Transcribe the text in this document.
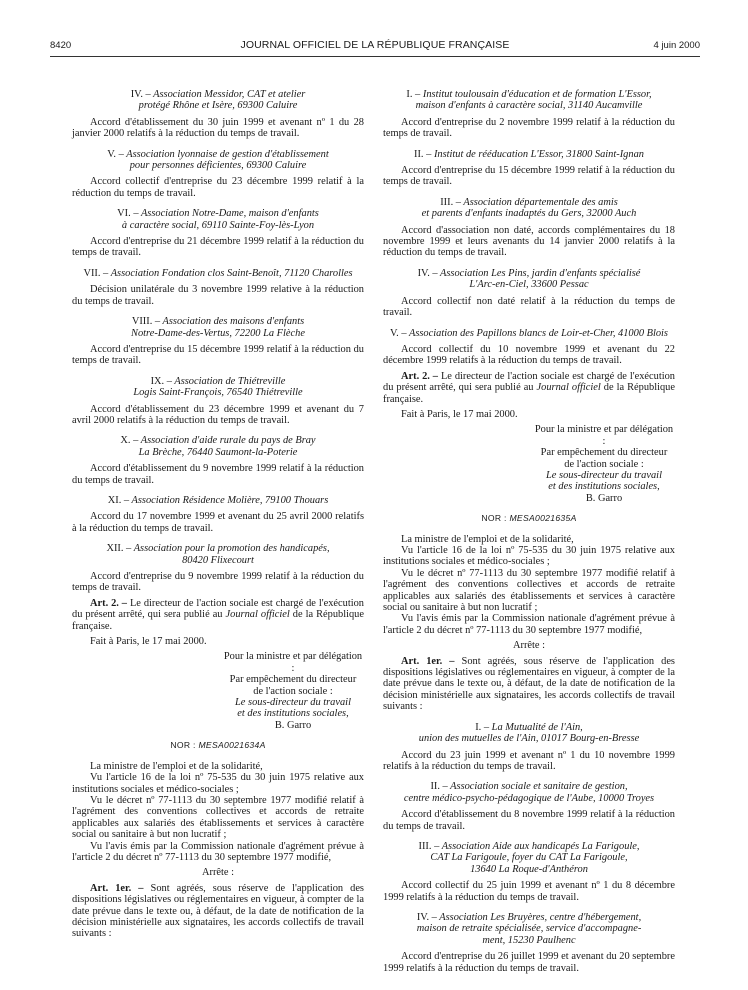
8420	JOURNAL OFFICIEL DE LA RÉPUBLIQUE FRANÇAISE	4 juin 2000
IV. – Association Messidor, CAT et atelier
protégé Rhône et Isère, 69300 Caluire
Accord d'établissement du 30 juin 1999 et avenant nº 1 du 28 janvier 2000 relatifs à la réduction du temps de travail.
V. – Association lyonnaise de gestion d'établissement
pour personnes déficientes, 69300 Caluire
Accord collectif d'entreprise du 23 décembre 1999 relatif à la réduction du temps de travail.
VI. – Association Notre-Dame, maison d'enfants
à caractère social, 69110 Sainte-Foy-lès-Lyon
Accord d'entreprise du 21 décembre 1999 relatif à la réduction du temps de travail.
VII. – Association Fondation clos Saint-Benoît, 71120 Charolles
Décision unilatérale du 3 novembre 1999 relative à la réduction du temps de travail.
VIII. – Association des maisons d'enfants
Notre-Dame-des-Vertus, 72200 La Flèche
Accord d'entreprise du 15 décembre 1999 relatif à la réduction du temps de travail.
IX. – Association de Thiétreville
Logis Saint-François, 76540 Thiétreville
Accord d'établissement du 23 décembre 1999 et avenant du 7 avril 2000 relatifs à la réduction du temps de travail.
X. – Association d'aide rurale du pays de Bray
La Brèche, 76440 Saumont-la-Poterie
Accord d'établissement du 9 novembre 1999 relatif à la réduction du temps de travail.
XI. – Association Résidence Molière, 79100 Thouars
Accord du 17 novembre 1999 et avenant du 25 avril 2000 relatifs à la réduction du temps de travail.
XII. – Association pour la promotion des handicapés,
80420 Flixecourt
Accord d'entreprise du 9 novembre 1999 relatif à la réduction du temps de travail.
Art. 2. – Le directeur de l'action sociale est chargé de l'exécution du présent arrêté, qui sera publié au Journal officiel de la République française.
Fait à Paris, le 17 mai 2000.
Pour la ministre et par délégation :
Par empêchement du directeur
de l'action sociale :
Le sous-directeur du travail
et des institutions sociales,
B. Garro
NOR : MESA0021634A
La ministre de l'emploi et de la solidarité,
Vu l'article 16 de la loi nº 75-535 du 30 juin 1975 relative aux institutions sociales et médico-sociales ;
Vu le décret nº 77-1113 du 30 septembre 1977 modifié relatif à l'agrément des conventions collectives et accords de retraite applicables aux salariés des établissements et services à caractère social ou sanitaire à but non lucratif ;
Vu l'avis émis par la Commission nationale d'agrément prévue à l'article 2 du décret nº 77-1113 du 30 septembre 1977 modifié,
Arrête :
Art. 1er. – Sont agréés, sous réserve de l'application des dispositions législatives ou réglementaires en vigueur, à compter de la date prévue dans le texte ou, à défaut, de la date de notification de la décision ministérielle aux signataires, les accords collectifs de travail suivants :
I. – Institut toulousain d'éducation et de formation L'Essor,
maison d'enfants à caractère social, 31140 Aucamville
Accord d'entreprise du 2 novembre 1999 relatif à la réduction du temps de travail.
II. – Institut de rééducation L'Essor, 31800 Saint-Ignan
Accord d'entreprise du 15 décembre 1999 relatif à la réduction du temps de travail.
III. – Association départementale des amis
et parents d'enfants inadaptés du Gers, 32000 Auch
Accord d'association non daté, accords complémentaires du 18 novembre 1999 et leurs avenants du 14 janvier 2000 relatifs à la réduction du temps de travail.
IV. – Association Les Pins, jardin d'enfants spécialisé
L'Arc-en-Ciel, 33600 Pessac
Accord collectif non daté relatif à la réduction du temps de travail.
V. – Association des Papillons blancs de Loir-et-Cher, 41000 Blois
Accord collectif du 10 novembre 1999 et avenant du 22 décembre 1999 relatifs à la réduction du temps de travail.
Art. 2. – Le directeur de l'action sociale est chargé de l'exécution du présent arrêté, qui sera publié au Journal officiel de la République française.
Fait à Paris, le 17 mai 2000.
Pour la ministre et par délégation :
Par empêchement du directeur
de l'action sociale :
Le sous-directeur du travail
et des institutions sociales,
B. Garro
NOR : MESA0021635A
La ministre de l'emploi et de la solidarité,
Vu l'article 16 de la loi nº 75-535 du 30 juin 1975 relative aux institutions sociales et médico-sociales ;
Vu le décret nº 77-1113 du 30 septembre 1977 modifié relatif à l'agrément des conventions collectives et accords de retraite applicables aux salariés des établissements et services à caractère social ou sanitaire à but non lucratif ;
Vu l'avis émis par la Commission nationale d'agrément prévue à l'article 2 du décret nº 77-1113 du 30 septembre 1977 modifié,
Arrête :
Art. 1er. – Sont agréés, sous réserve de l'application des dispositions législatives ou réglementaires en vigueur, à compter de la date prévue dans le texte ou, à défaut, de la date de notification de la décision ministérielle aux signataires, les accords collectifs de travail suivants :
I. – La Mutualité de l'Ain,
union des mutuelles de l'Ain, 01017 Bourg-en-Bresse
Accord du 23 juin 1999 et avenant nº 1 du 10 novembre 1999 relatifs à la réduction du temps de travail.
II. – Association sociale et sanitaire de gestion,
centre médico-psycho-pédagogique de l'Aube, 10000 Troyes
Accord d'établissement du 8 novembre 1999 relatif à la réduction du temps de travail.
III. – Association Aide aux handicapés La Farigoule,
CAT La Farigoule, foyer du CAT La Farigoule,
13640 La Roque-d'Anthéron
Accord collectif du 25 juin 1999 et avenant nº 1 du 8 décembre 1999 relatifs à la réduction du temps de travail.
IV. – Association Les Bruyères, centre d'hébergement,
maison de retraite spécialisée, service d'accompagne-
ment, 15230 Paulhenc
Accord d'entreprise du 26 juillet 1999 et avenant du 20 septembre 1999 relatifs à la réduction du temps de travail.
